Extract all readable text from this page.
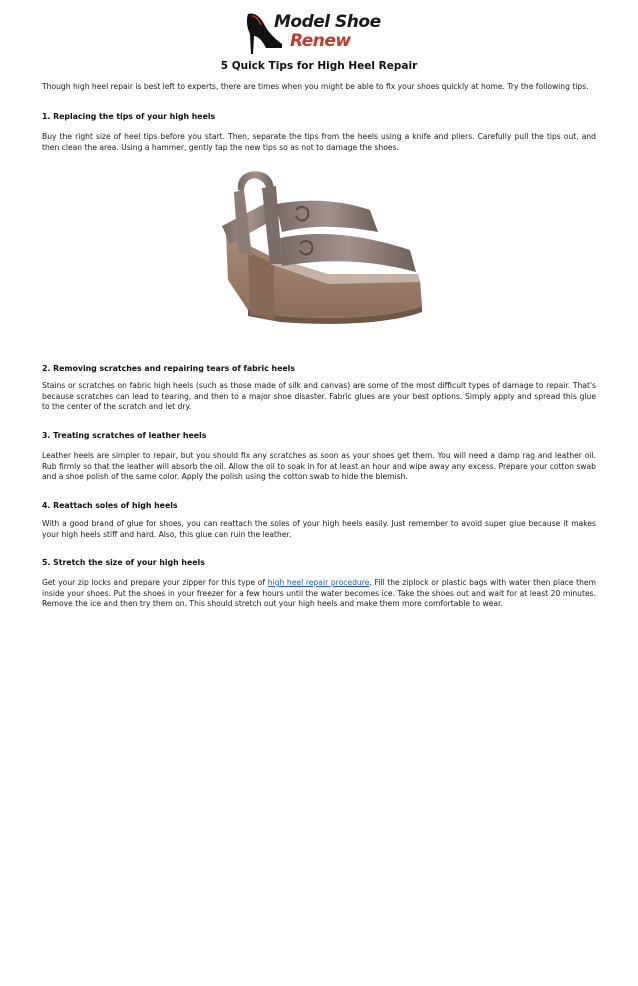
Model Shoe
Renew
5 Quick Tips for High Heel Repair

Though high heel repair is best left to experts, there are times when you might be able to fix your shoes quickly at home. Try the following tips.

1. Replacing the tips of your high heels

Buy the right size of heel tips before you start. Then, separate the tips from the heels using a knife and pliers. Carefully pull the tips out, and then clean the area. Using a hammer, gently tap the new tips so as not to damage the shoes.

2. Removing scratches and repairing tears of fabric heels

Stains or scratches on fabric high heels (such as those made of silk and canvas) are some of the most difficult types of damage to repair. That's because scratches can lead to tearing, and then to a major shoe disaster. Fabric glues are your best options. Simply apply and spread this glue to the center of the scratch and let dry.

3. Treating scratches of leather heels

Leather heels are simpler to repair, but you should fix any scratches as soon as your shoes get them. You will need a damp rag and leather oil. Rub firmly so that the leather will absorb the oil. Allow the oil to soak in for at least an hour and wipe away any excess. Prepare your cotton swab and a shoe polish of the same color. Apply the polish using the cotton swab to hide the blemish.

4. Reattach soles of high heels

With a good brand of glue for shoes, you can reattach the soles of your high heels easily. Just remember to avoid super glue because it makes your high heels stiff and hard. Also, this glue can ruin the leather.

5. Stretch the size of your high heels

Get your zip locks and prepare your zipper for this type of high heel repair procedure. Fill the ziplock or plastic bags with water then place them inside your shoes. Put the shoes in your freezer for a few hours until the water becomes ice. Take the shoes out and wait for at least 20 minutes. Remove the ice and then try them on. This should stretch out your high heels and make them more comfortable to wear.
